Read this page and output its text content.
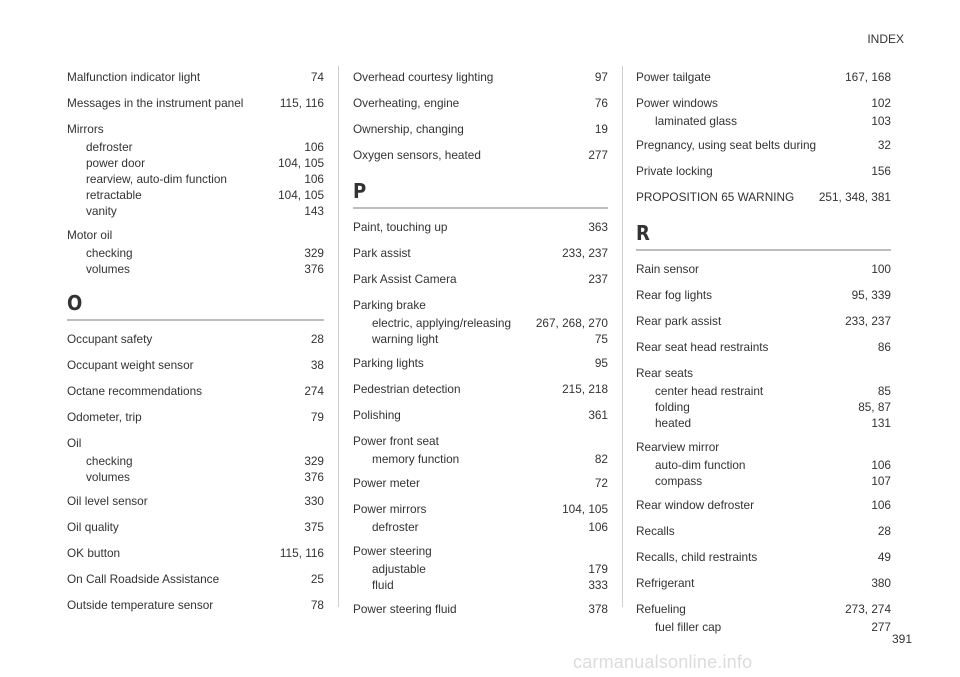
INDEX
Malfunction indicator light	74
Messages in the instrument panel	115, 116
Mirrors
defroster	106
power door	104, 105
rearview, auto-dim function	106
retractable	104, 105
vanity	143
Motor oil
checking	329
volumes	376
O
Occupant safety	28
Occupant weight sensor	38
Octane recommendations	274
Odometer, trip	79
Oil
checking	329
volumes	376
Oil level sensor	330
Oil quality	375
OK button	115, 116
On Call Roadside Assistance	25
Outside temperature sensor	78
Overhead courtesy lighting	97
Overheating, engine	76
Ownership, changing	19
Oxygen sensors, heated	277
P
Paint, touching up	363
Park assist	233, 237
Park Assist Camera	237
Parking brake
electric, applying/releasing 267, 268, 270
warning light	75
Parking lights	95
Pedestrian detection	215, 218
Polishing	361
Power front seat
memory function	82
Power meter	72
Power mirrors	104, 105
defroster	106
Power steering
adjustable	179
fluid	333
Power steering fluid	378
Power tailgate	167, 168
Power windows	102
laminated glass	103
Pregnancy, using seat belts during	32
Private locking	156
PROPOSITION 65 WARNING 251, 348, 381
R
Rain sensor	100
Rear fog lights	95, 339
Rear park assist	233, 237
Rear seat head restraints	86
Rear seats
center head restraint	85
folding	85, 87
heated	131
Rearview mirror
auto-dim function	106
compass	107
Rear window defroster	106
Recalls	28
Recalls, child restraints	49
Refrigerant	380
Refueling	273, 274
fuel filler cap	277
391
carmanualsonline.info
